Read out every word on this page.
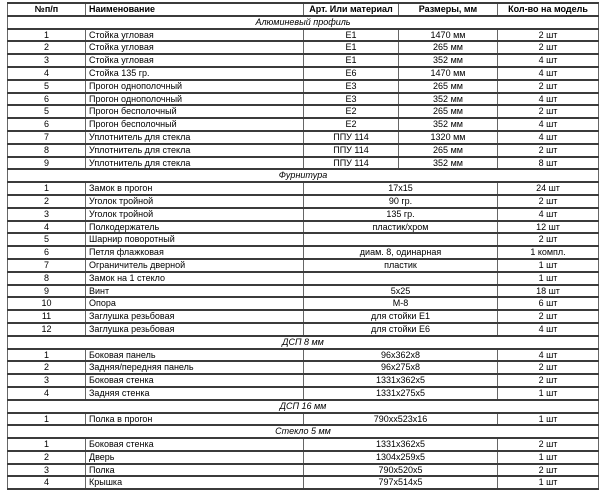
№п/п	Наименование	Арт. Или материал	Размеры, мм	Кол-во на модель
Алюминевый профиль				
1	Стойка угловая	Е1	1470 мм	2 шт
2	Стойка угловая	Е1	265 мм	2 шт
3	Стойка угловая	Е1	352 мм	4 шт
4	Стойка 135 гр.	Е6	1470 мм	4 шт
5	Прогон однополочный	Е3	265 мм	2 шт
6	Прогон однополочный	Е3	352 мм	4 шт
5	Прогон бесполочный	Е2	265 мм	2 шт
6	Прогон бесполочный	Е2	352 мм	4 шт
7	Уплотнитель для стекла	ППУ 114	1320 мм	4 шт
8	Уплотнитель для стекла	ППУ 114	265 мм	2 шт
9	Уплотнитель для стекла	ППУ 114	352 мм	8 шт
Фурнитура				
1	Замок в прогон	17х15		24 шт
2	Уголок тройной	90 гр.		2 шт
3	Уголок тройной	135 гр.		4 шт
4	Полкодержатель	пластик/хром		12 шт
5	Шарнир поворотный			2 шт
6	Петля флажковая	диам. 8, одинарная		1 компл.
7	Ограничитель дверной	пластик		1 шт
8	Замок на 1 стекло			1 шт
9	Винт	5х25		18 шт
10	Опора	М-8		6 шт
11	Заглушка резьбовая	для стойки Е1		2 шт
12	Заглушка резьбовая	для стойки Е6		4 шт
ДСП 8 мм				
1	Боковая панель	96х362х8		4 шт
2	Задняя/передняя панель	96х275х8		2 шт
3	Боковая стенка	1331х362х5		2 шт
4	Задняя стенка	1331х275х5		1 шт
ДСП 16 мм				
1	Полка в прогон	790хх523х16		1 шт
Стекло 5 мм				
1	Боковая стенка	1331х362х5		2 шт
2	Дверь	1304х259х5		1 шт
3	Полка	790х520х5		2 шт
4	Крышка	797х514х5		1 шт
